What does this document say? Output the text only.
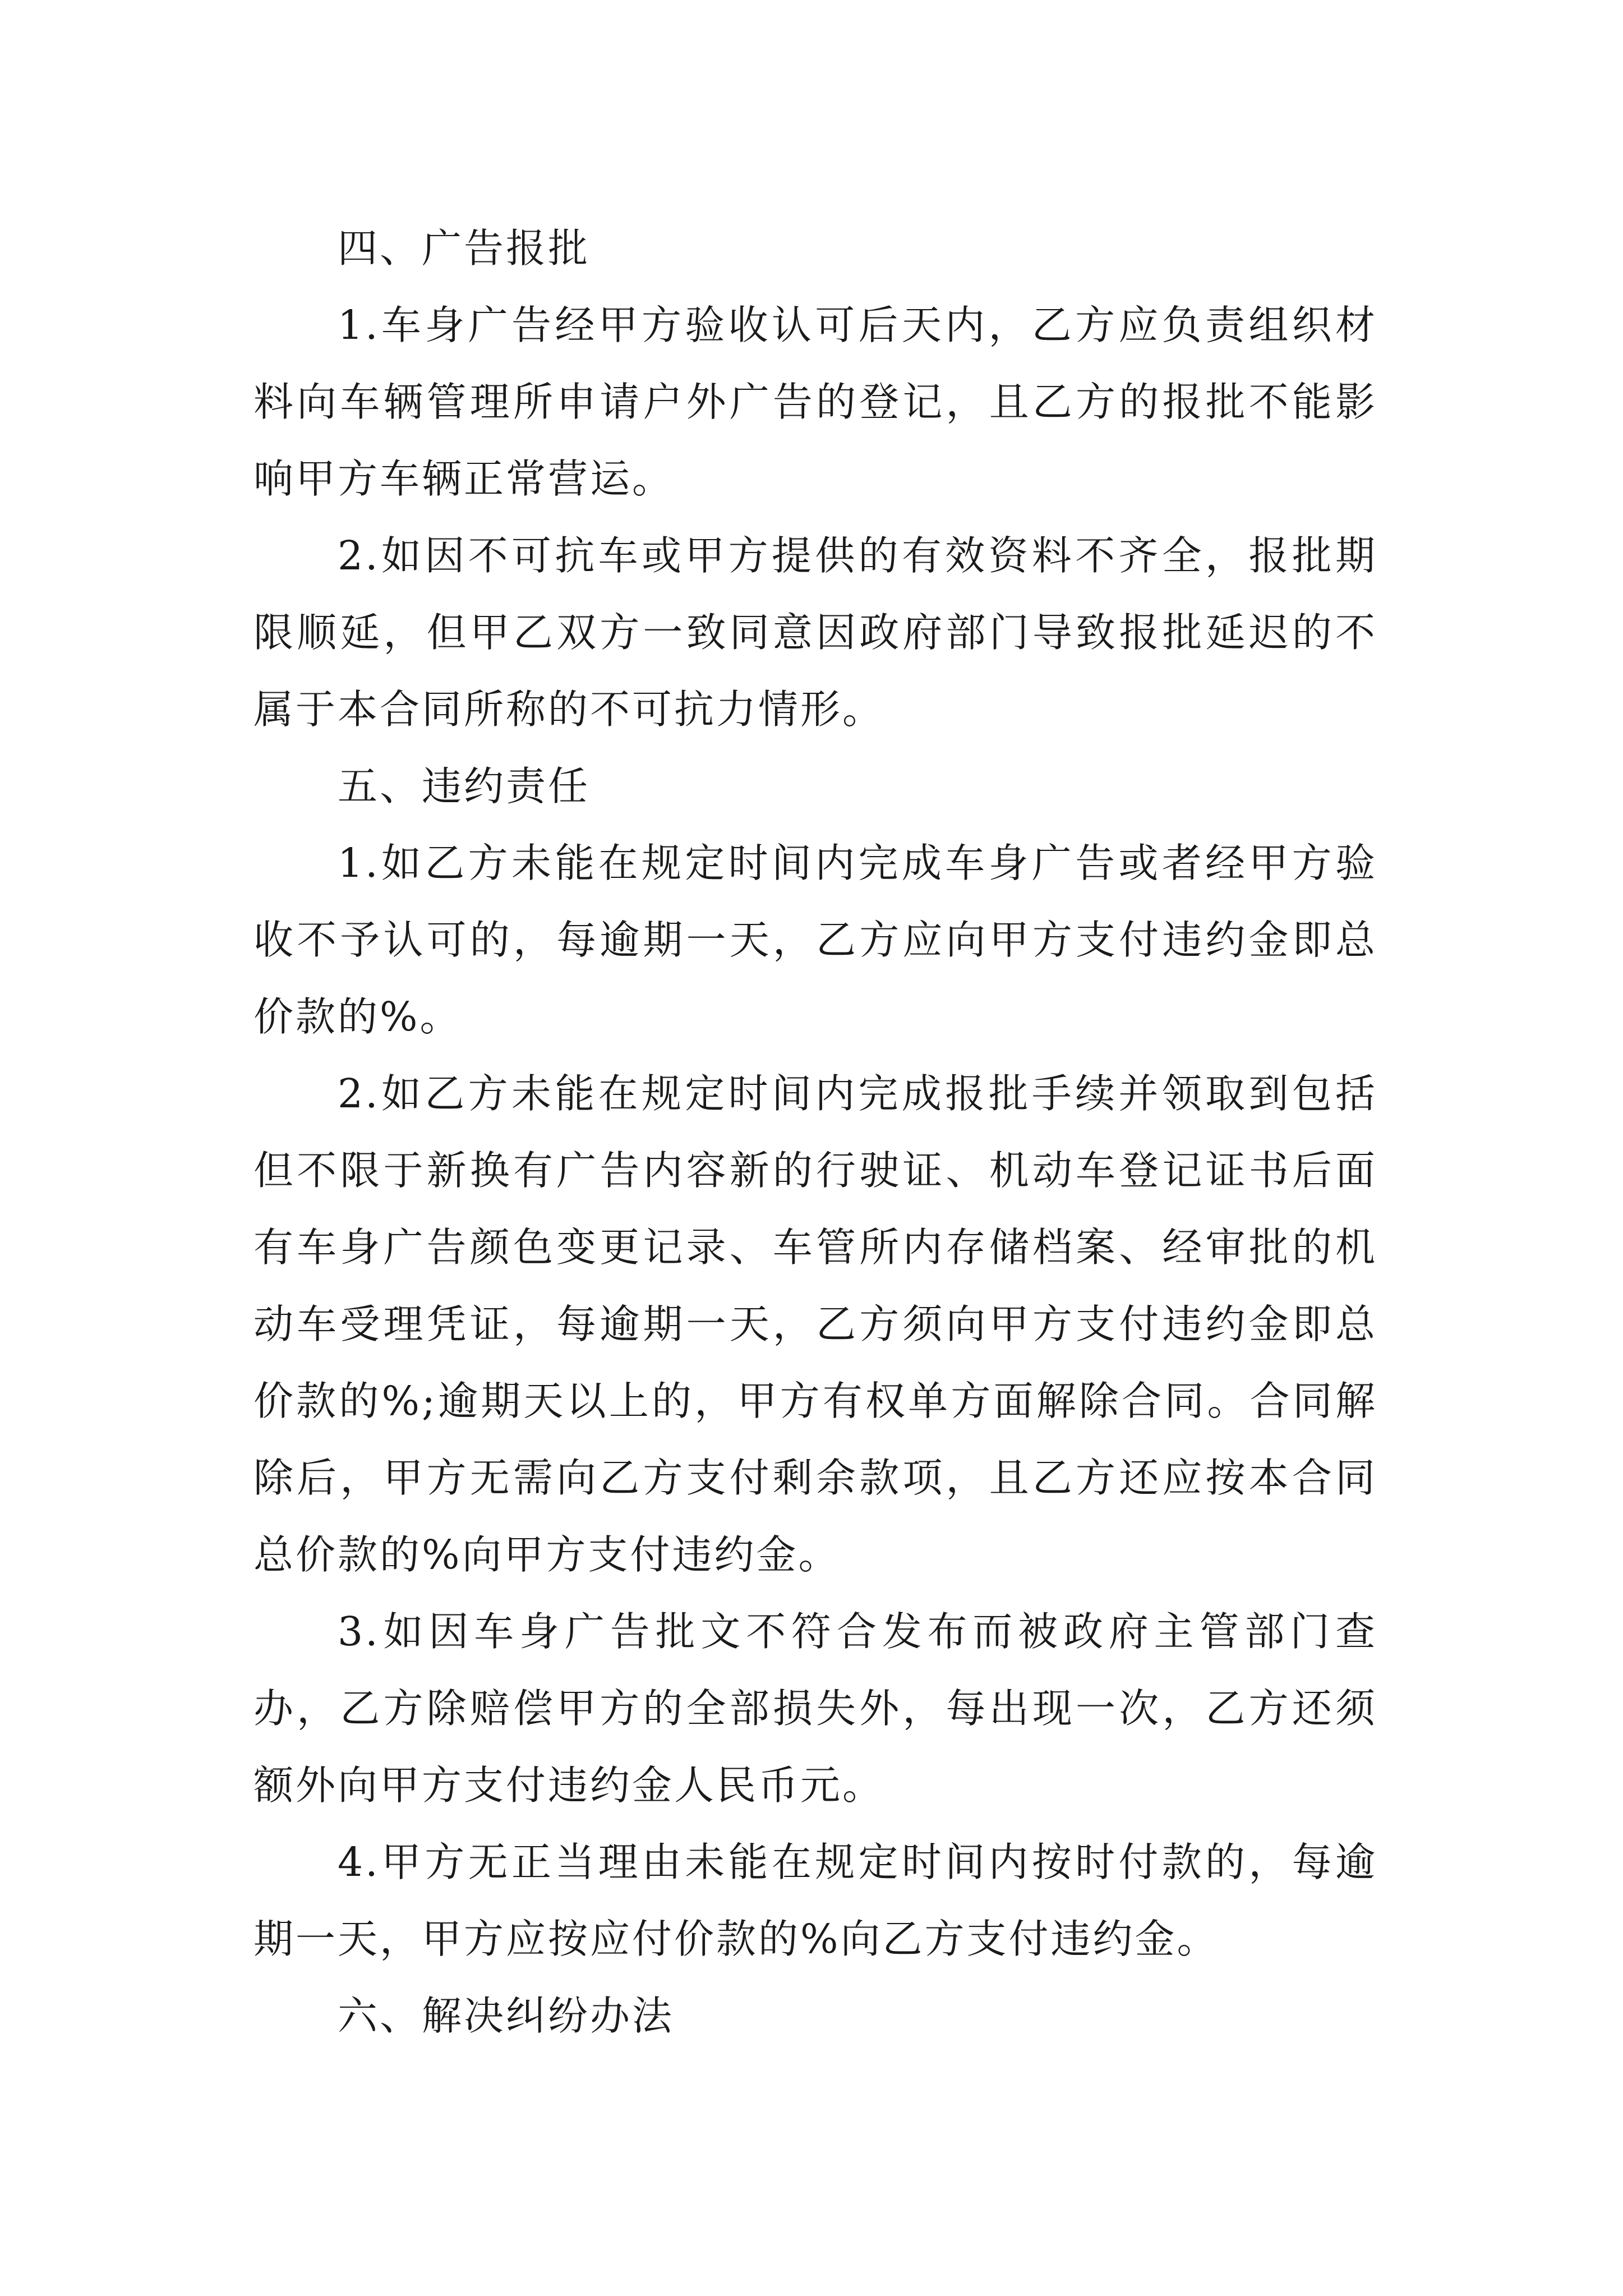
四、广告报批

1.车身广告经甲方验收认可后天内，乙方应负责组织材料向车辆管理所申请户外广告的登记，且乙方的报批不能影响甲方车辆正常营运。

2.如因不可抗车或甲方提供的有效资料不齐全，报批期限顺延，但甲乙双方一致同意因政府部门导致报批延迟的不属于本合同所称的不可抗力情形。

五、违约责任

1.如乙方未能在规定时间内完成车身广告或者经甲方验收不予认可的，每逾期一天，乙方应向甲方支付违约金即总价款的%。

2.如乙方未能在规定时间内完成报批手续并领取到包括但不限于新换有广告内容新的行驶证、机动车登记证书后面有车身广告颜色变更记录、车管所内存储档案、经审批的机动车受理凭证，每逾期一天，乙方须向甲方支付违约金即总价款的%;逾期天以上的，甲方有权单方面解除合同。合同解除后，甲方无需向乙方支付剩余款项，且乙方还应按本合同总价款的%向甲方支付违约金。

3.如因车身广告批文不符合发布而被政府主管部门查办，乙方除赔偿甲方的全部损失外，每出现一次，乙方还须额外向甲方支付违约金人民币元。

4.甲方无正当理由未能在规定时间内按时付款的，每逾期一天，甲方应按应付价款的%向乙方支付违约金。

六、解决纠纷办法
